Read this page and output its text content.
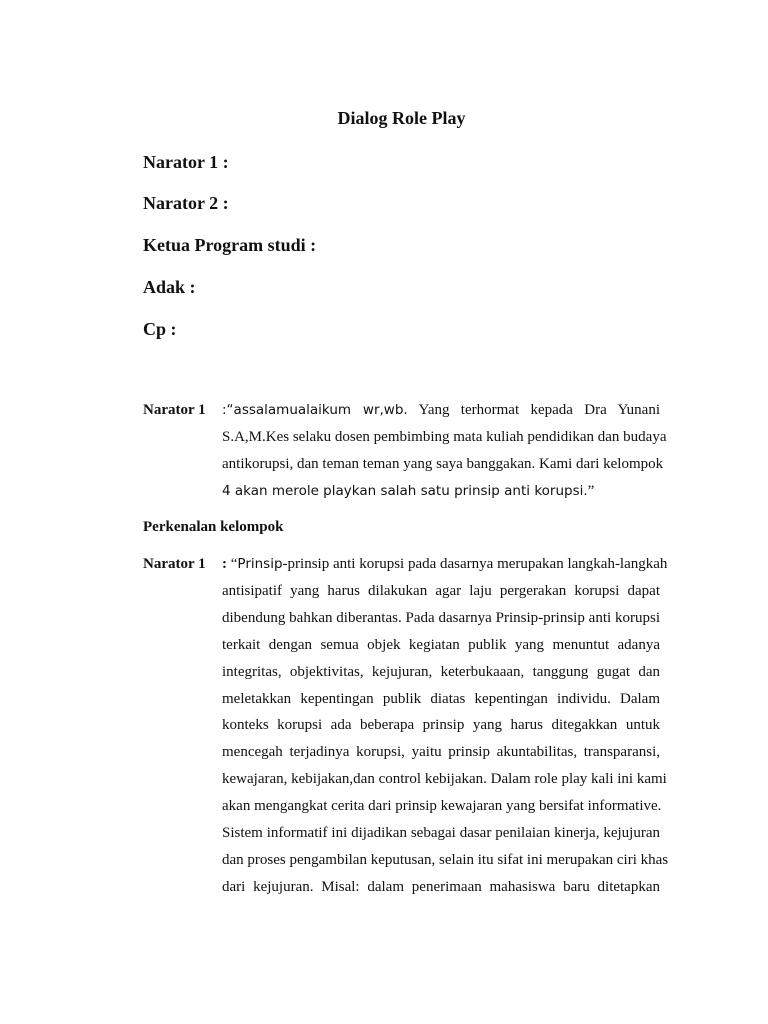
Dialog Role Play
Narator 1 :
Narator 2 :
Ketua Program studi :
Adak :
Cp :
Narator 1 :“assalamualaikum wr,wb. Yang terhormat kepada Dra Yunani
S.A,M.Kes selaku dosen pembimbing mata kuliah pendidikan dan budaya
antikorupsi, dan teman teman yang saya banggakan. Kami dari kelompok
4 akan merole playkan salah satu prinsip anti korupsi.”
Perkenalan kelompok
Narator 1 : “Prinsip-prinsip anti korupsi pada dasarnya merupakan langkah-langkah
antisipatif yang harus dilakukan agar laju pergerakan korupsi dapat
dibendung bahkan diberantas. Pada dasarnya Prinsip-prinsip anti korupsi
terkait dengan semua objek kegiatan publik yang menuntut adanya
integritas, objektivitas, kejujuran, keterbukaaan, tanggung gugat dan
meletakkan kepentingan publik diatas kepentingan individu. Dalam
konteks korupsi ada beberapa prinsip yang harus ditegakkan untuk
mencegah terjadinya korupsi, yaitu prinsip akuntabilitas, transparansi,
kewajaran, kebijakan,dan control kebijakan. Dalam role play kali ini kami
akan mengangkat cerita dari prinsip kewajaran yang bersifat informative.
Sistem informatif ini dijadikan sebagai dasar penilaian kinerja, kejujuran
dan proses pengambilan keputusan, selain itu sifat ini merupakan ciri khas
dari kejujuran. Misal: dalam penerimaan mahasiswa baru ditetapkan
